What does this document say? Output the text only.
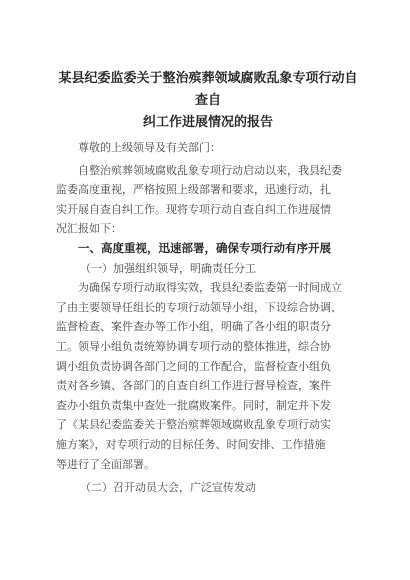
某县纪委监委关于整治殡葬领域腐败乱象专项行动自查自
纠工作进展情况的报告
尊敬的上级领导及有关部门：
自整治殡葬领域腐败乱象专项行动启动以来，我县纪委
监委高度重视，严格按照上级部署和要求，迅速行动，扎
实开展自查自纠工作。现将专项行动自查自纠工作进展情
况汇报如下：
一、高度重视，迅速部署，确保专项行动有序开展
（一）加强组织领导，明确责任分工
为确保专项行动取得实效，我县纪委监委第一时间成立
了由主要领导任组长的专项行动领导小组，下设综合协调、
监督检查、案件查办等工作小组，明确了各小组的职责分
工。领导小组负责统筹协调专项行动的整体推进，综合协
调小组负责协调各部门之间的工作配合，监督检查小组负
责对各乡镇、各部门的自查自纠工作进行督导检查，案件
查办小组负责集中查处一批腐败案件。同时，制定并下发
了《某县纪委监委关于整治殡葬领域腐败乱象专项行动实
施方案》，对专项行动的目标任务、时间安排、工作措施
等进行了全面部署。
（二）召开动员大会，广泛宣传发动
